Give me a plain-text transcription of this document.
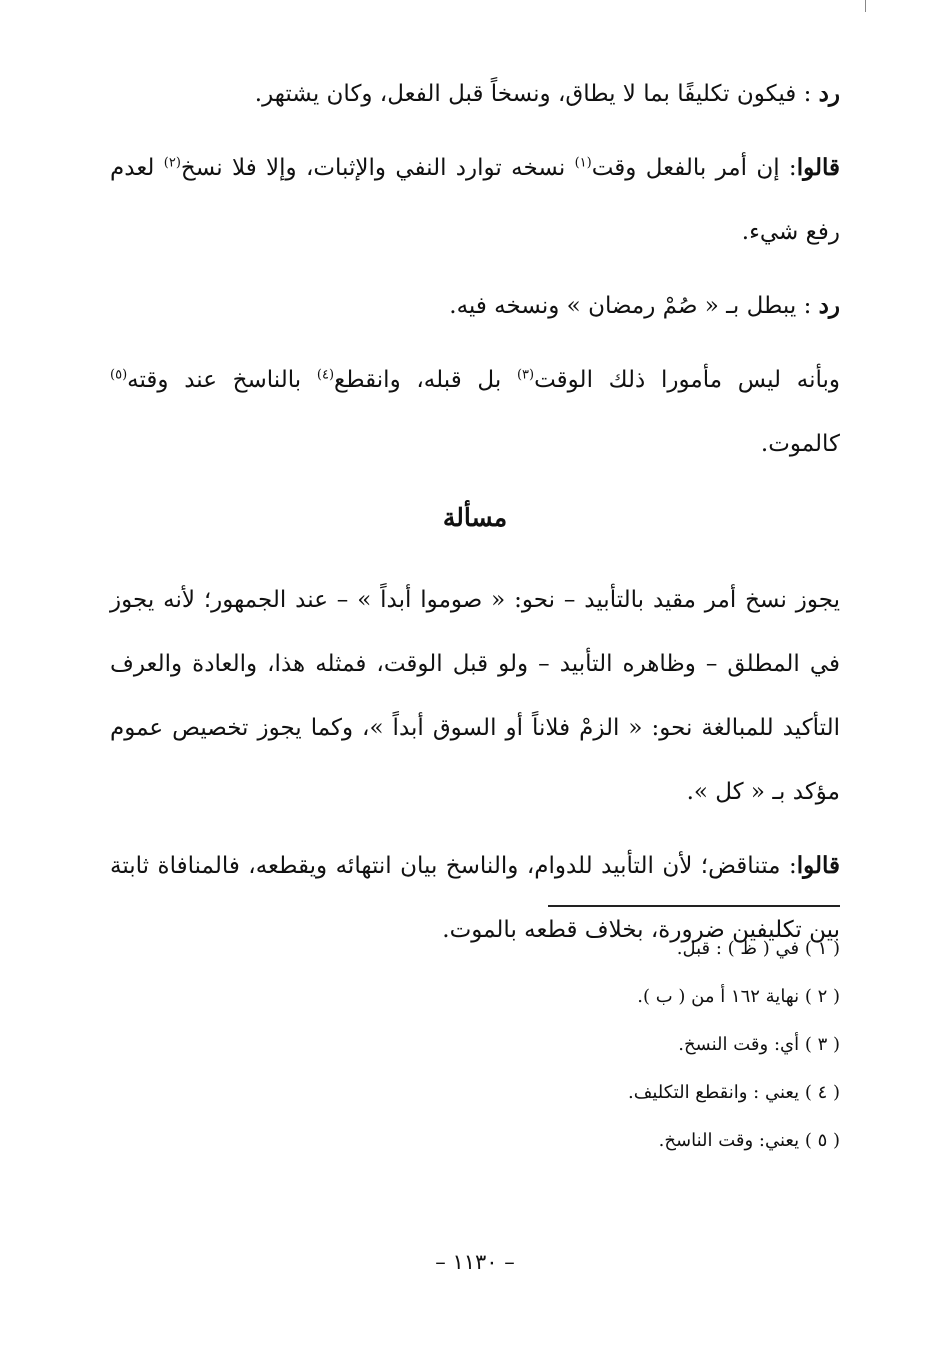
رد : فيكون تكليفًا بما لا يطاق، ونسخاً قبل الفعل، وكان يشتهر.

قالوا: إن أمر بالفعل وقت$^{(١)}$ نسخه توارد النفي والإثبات، وإلا فلا نسخ$^{(٢)}$ لعدم رفع شيء.

رد : يبطل بـ « صُمْ رمضان » ونسخه فيه.

وبأنه ليس مأمورا ذلك الوقت$^{(٣)}$ بل قبله، وانقطع$^{(٤)}$ بالناسخ عند وقته$^{(٥)}$ كالموت.

مسألة

يجوز نسخ أمر مقيد بالتأبيد – نحو: « صوموا أبداً » – عند الجمهور؛ لأنه يجوز في المطلق – وظاهره التأبيد – ولو قبل الوقت، فمثله هذا، والعادة والعرف التأكيد للمبالغة نحو: « الزمْ فلاناً أو السوق أبداً »، وكما يجوز تخصيص عموم مؤكد بـ « كل ».

قالوا: متناقض؛ لأن التأبيد للدوام، والناسخ بيان انتهائه ويقطعه، فالمنافاة ثابتة بين تكليفين ضرورة، بخلاف قطعه بالموت.

( ١ ) في ( ظ ) : قبل.

( ٢ ) نهاية ١٦٢ أ من ( ب ).

( ٣ ) أي: وقت النسخ.

( ٤ ) يعني : وانقطع التكليف.

( ٥ ) يعني: وقت الناسخ.

– ١١٣٠ –
